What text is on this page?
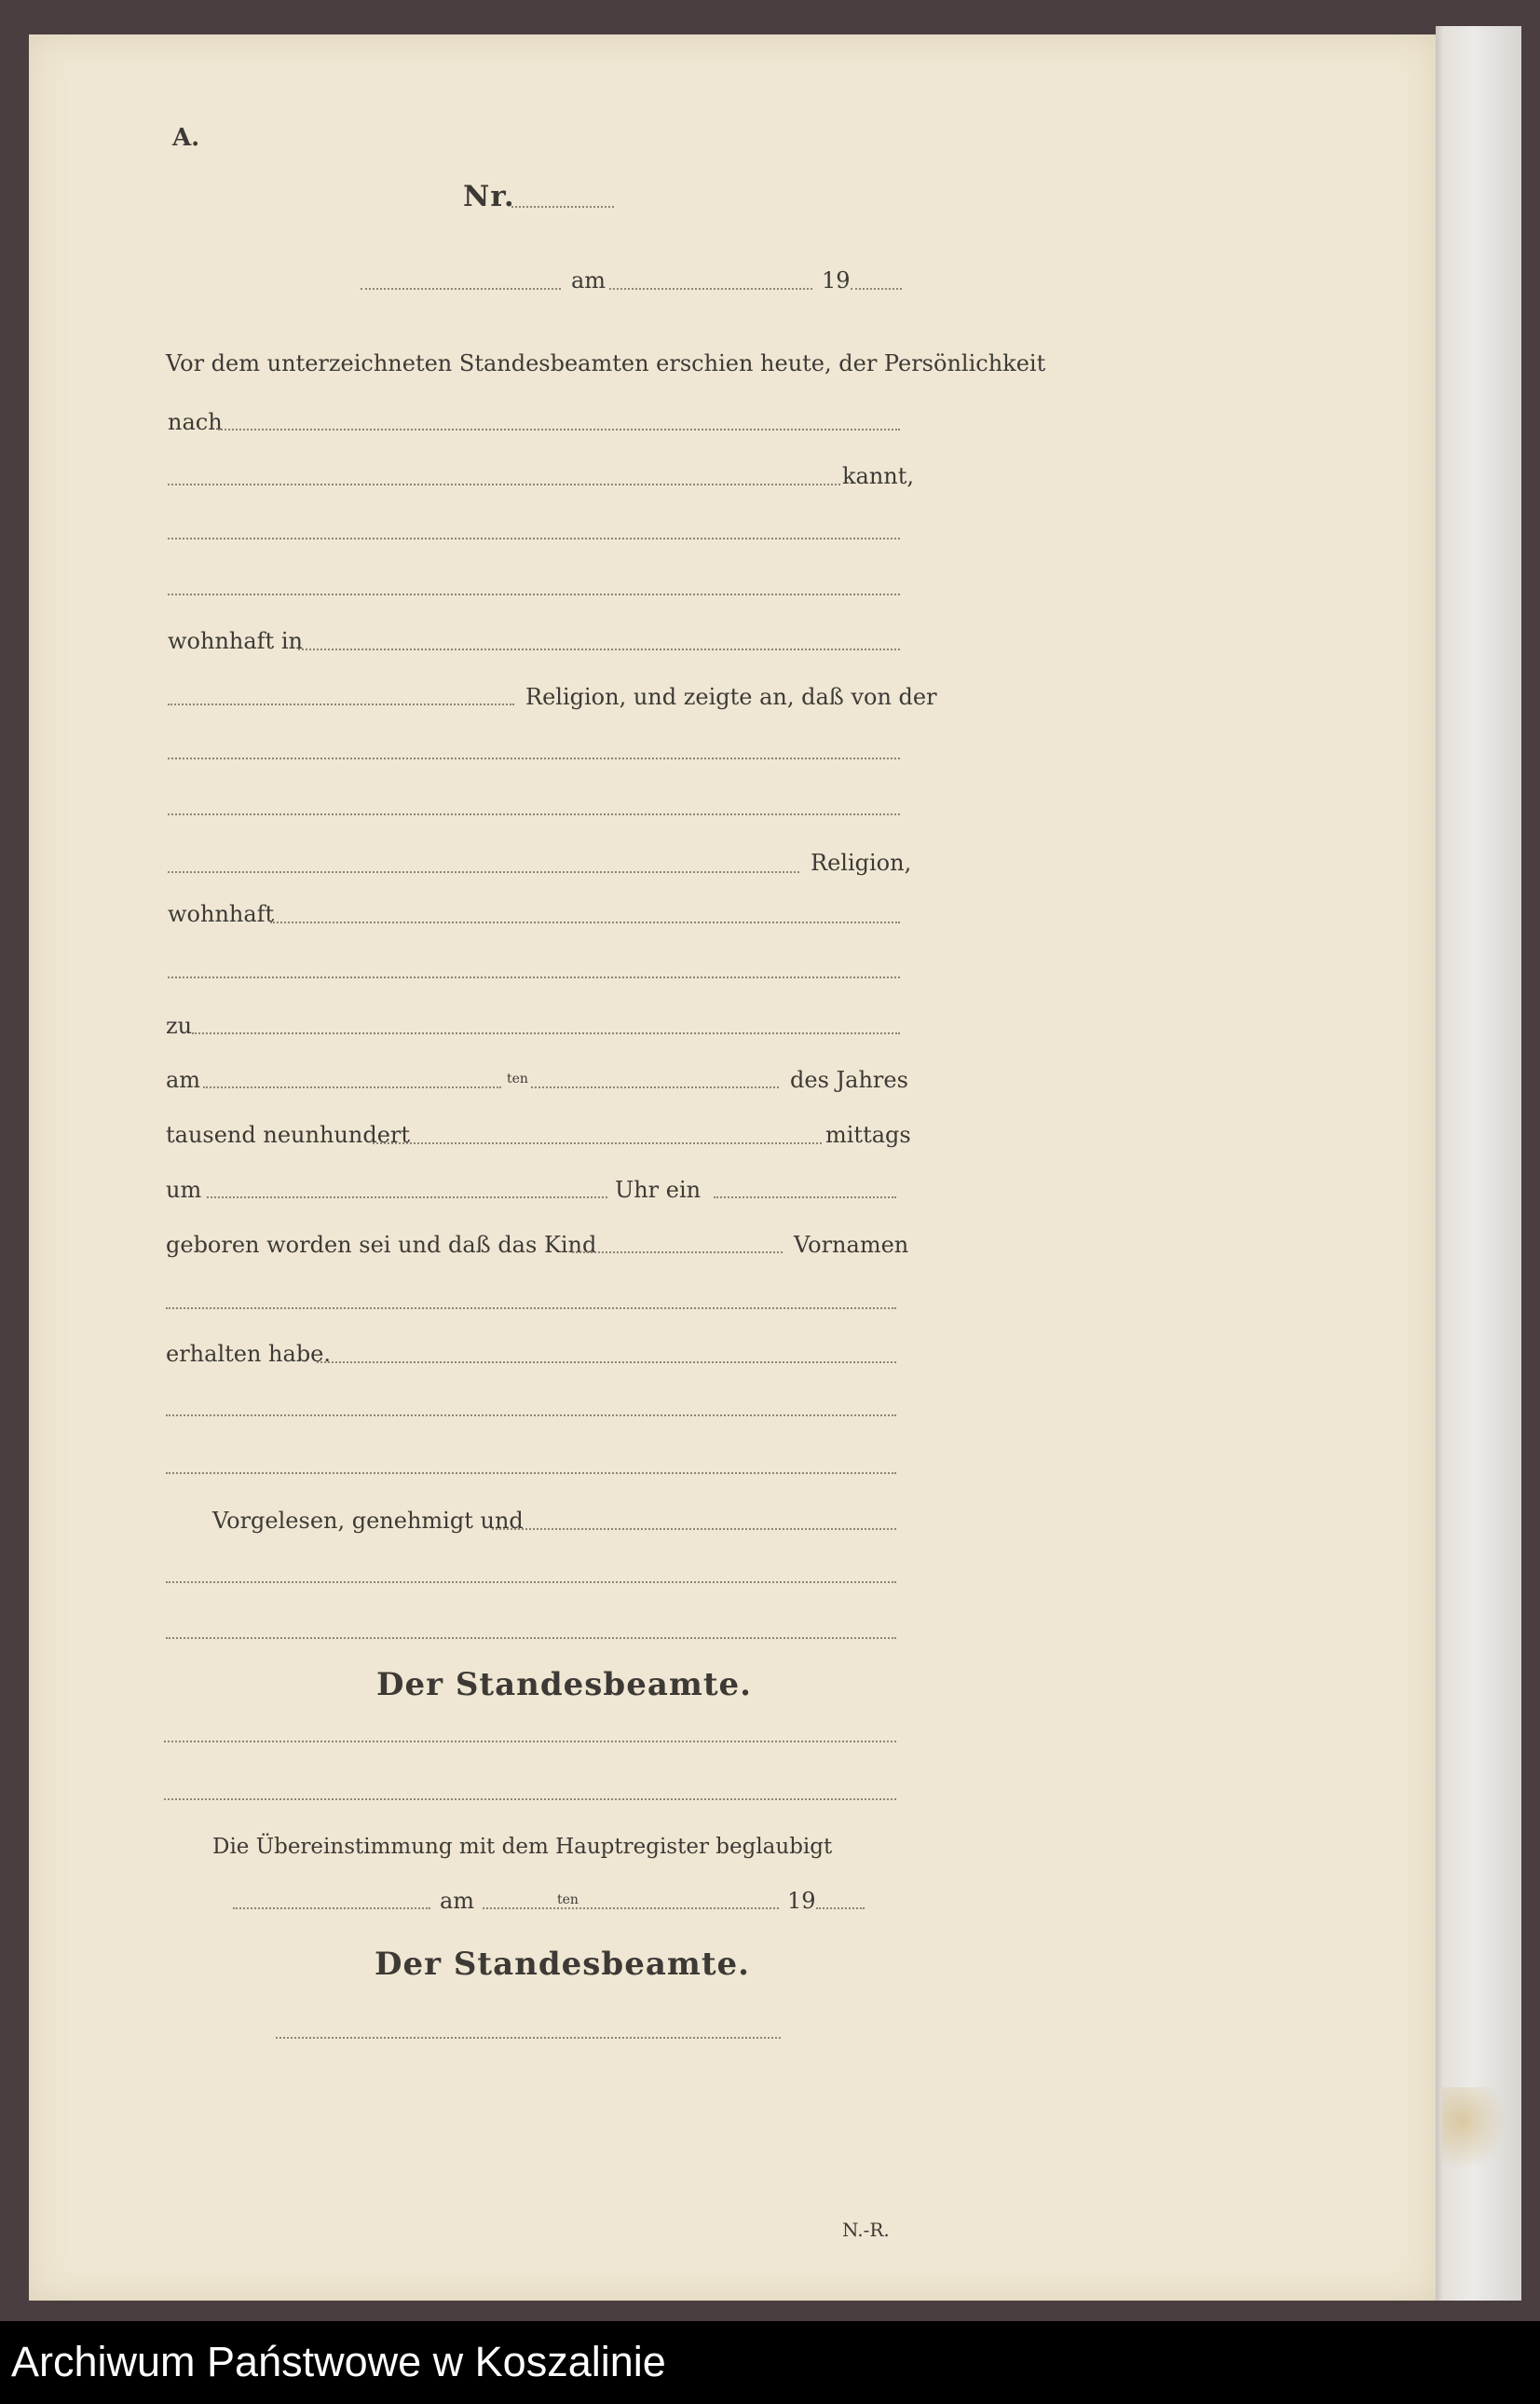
A.
Nr.
am	19
Vor dem unterzeichneten Standesbeamten erschien heute, der Persönlichkeit
nach
kannt,
wohnhaft in
Religion, und zeigte an, daß von der
Religion,
wohnhaft
zu
am	ten	des Jahres
tausend neunhundert	mittags
um	Uhr ein
geboren worden sei und daß das Kind	Vornamen
erhalten habe.
Vorgelesen, genehmigt und
Der Standesbeamte.
Die Übereinstimmung mit dem Hauptregister beglaubigt
am	ten	19
Der Standesbeamte.
N.-R.
Archiwum Państwowe w Koszalinie
